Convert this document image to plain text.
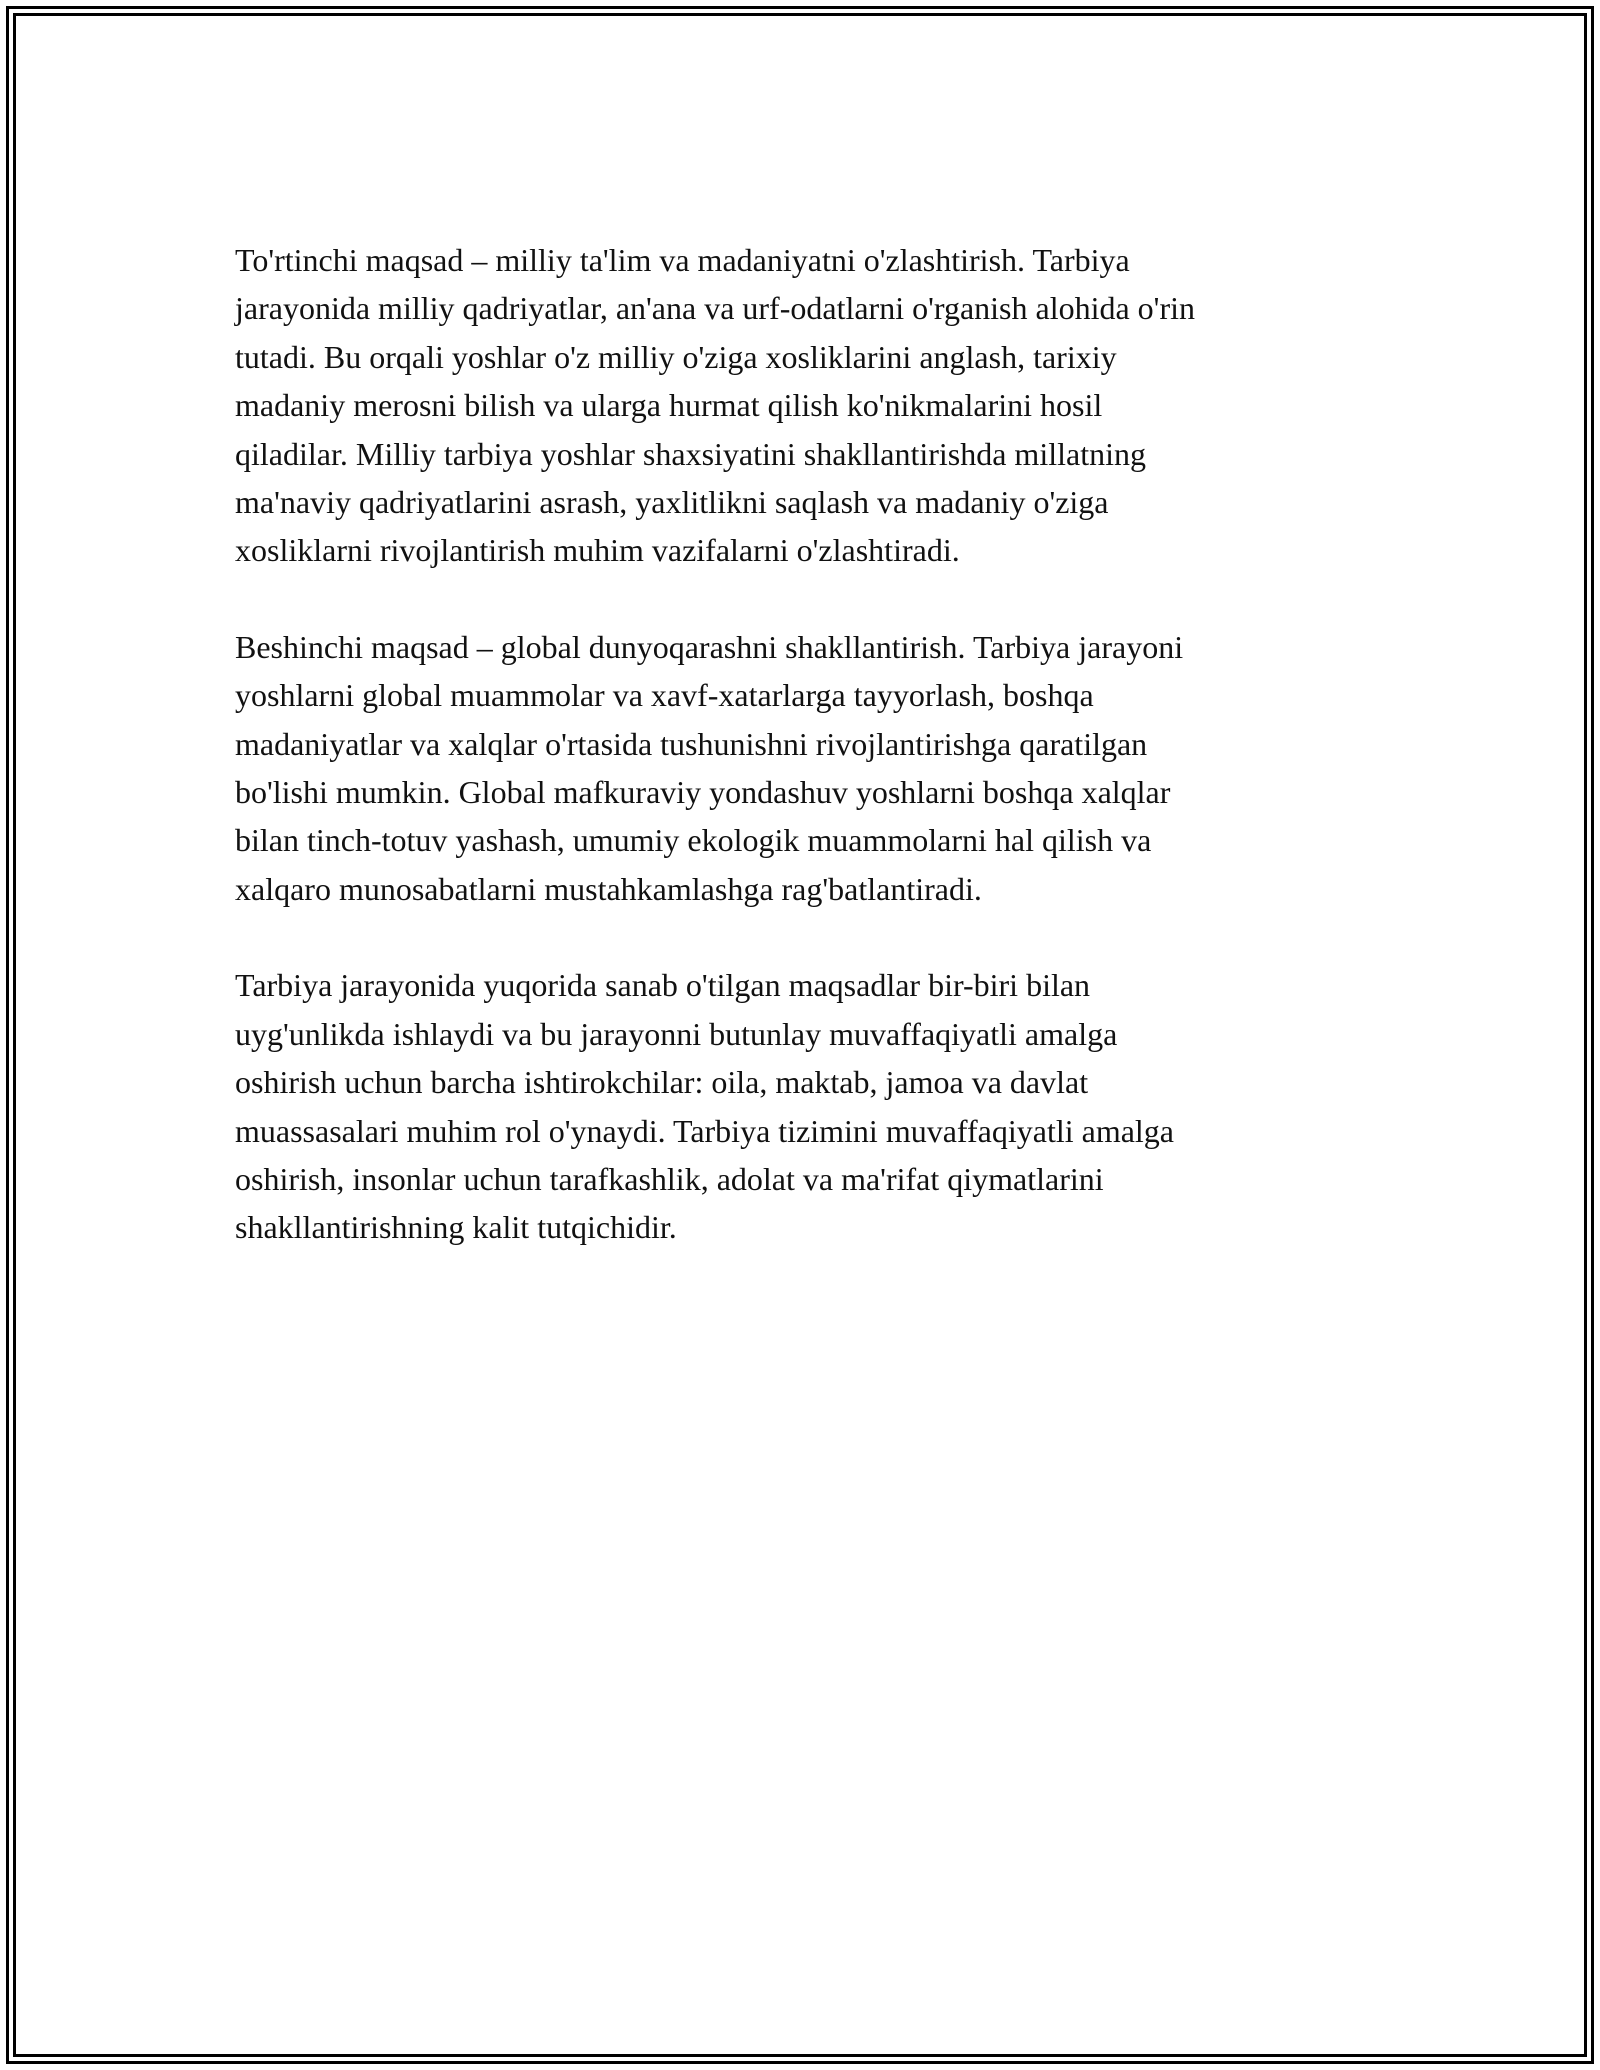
To'rtinchi maqsad – milliy ta'lim va madaniyatni o'zlashtirish. Tarbiya
jarayonida milliy qadriyatlar, an'ana va urf-odatlarni o'rganish alohida o'rin
tutadi. Bu orqali yoshlar o'z milliy o'ziga xosliklarini anglash, tarixiy
madaniy merosni bilish va ularga hurmat qilish ko'nikmalarini hosil
qiladilar. Milliy tarbiya yoshlar shaxsiyatini shakllantirishda millatning
ma'naviy qadriyatlarini asrash, yaxlitlikni saqlash va madaniy o'ziga
xosliklarni rivojlantirish muhim vazifalarni o'zlashtiradi.

Beshinchi maqsad – global dunyoqarashni shakllantirish. Tarbiya jarayoni
yoshlarni global muammolar va xavf-xatarlarga tayyorlash, boshqa
madaniyatlar va xalqlar o'rtasida tushunishni rivojlantirishga qaratilgan
bo'lishi mumkin. Global mafkuraviy yondashuv yoshlarni boshqa xalqlar
bilan tinch-totuv yashash, umumiy ekologik muammolarni hal qilish va
xalqaro munosabatlarni mustahkamlashga rag'batlantiradi.

Tarbiya jarayonida yuqorida sanab o'tilgan maqsadlar bir-biri bilan
uyg'unlikda ishlaydi va bu jarayonni butunlay muvaffaqiyatli amalga
oshirish uchun barcha ishtirokchilar: oila, maktab, jamoa va davlat
muassasalari muhim rol o'ynaydi. Tarbiya tizimini muvaffaqiyatli amalga
oshirish, insonlar uchun tarafkashlik, adolat va ma'rifat qiymatlarini
shakllantirishning kalit tutqichidir.
